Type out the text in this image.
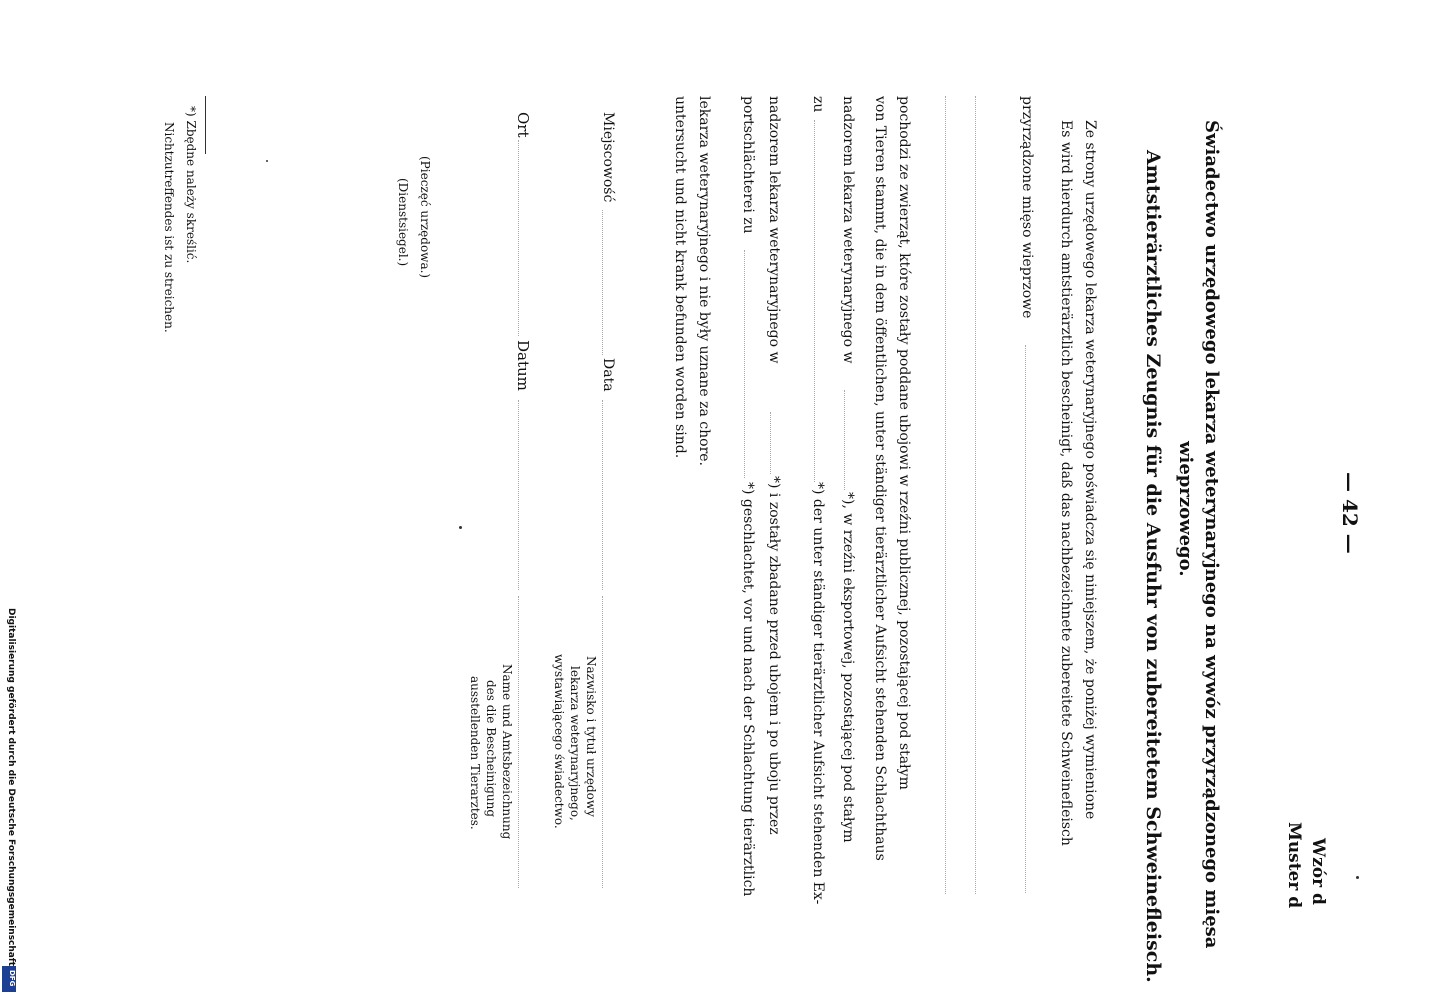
— 42 —
Wzór d
Muster d
Świadectwo urzędowego lekarza weterynaryjnego na wywóz przyrządzonego mięsa
wieprzowego.
Amtstierärztliches Zeugnis für die Ausfuhr von zubereitetem Schweinefleisch.
Ze strony urzędowego lekarza weterynaryjnego poświadcza się niniejszem, że poniżej wymienione
Es wird hierdurch amtstierärztlich bescheinigt, daß das nachbezeichnete zubereitete Schweinefleisch
przyrządzone mięso wieprzowe
pochodzi ze zwierząt, które zostały poddane ubojowi w rzeźni publicznej, pozostającej pod stałym
von Tieren stammt, die in dem öffentlichen, unter ständiger tierärztlicher Aufsicht stehenden Schlachthaus
nadzorem lekarza weterynaryjnego w
*), w rzeźni eksportowej, pozostającej pod stałym
zu
*) der unter ständiger tierärztlicher Aufsicht stehenden Ex-
nadzorem lekarza weterynaryjnego w
*) i zostały zbadane przed ubojem i po uboju przez
portschlächterei zu
*) geschlachtet, vor und nach der Schlachtung tierärztlich
lekarza weterynaryjnego i nie były uznane za chore.
untersucht und nicht krank befunden worden sind.
Miejscowość
Data
Ort
Datum
Nazwisko i tytuł urzędowy
lekarza weterynaryjnego,
wystawiającego świadectwo.
Name und Amtsbezeichnung
des die Bescheinigung
ausstellenden Tierarztes.
(Pieczęć urzędowa.)
(Dienstsiegel.)
*) Zbędne należy skreślić.
Nichtzutreffendes ist zu streichen.
Digitalisierung gefördert durch die Deutsche Forschungsgemeinschaft
DFG
